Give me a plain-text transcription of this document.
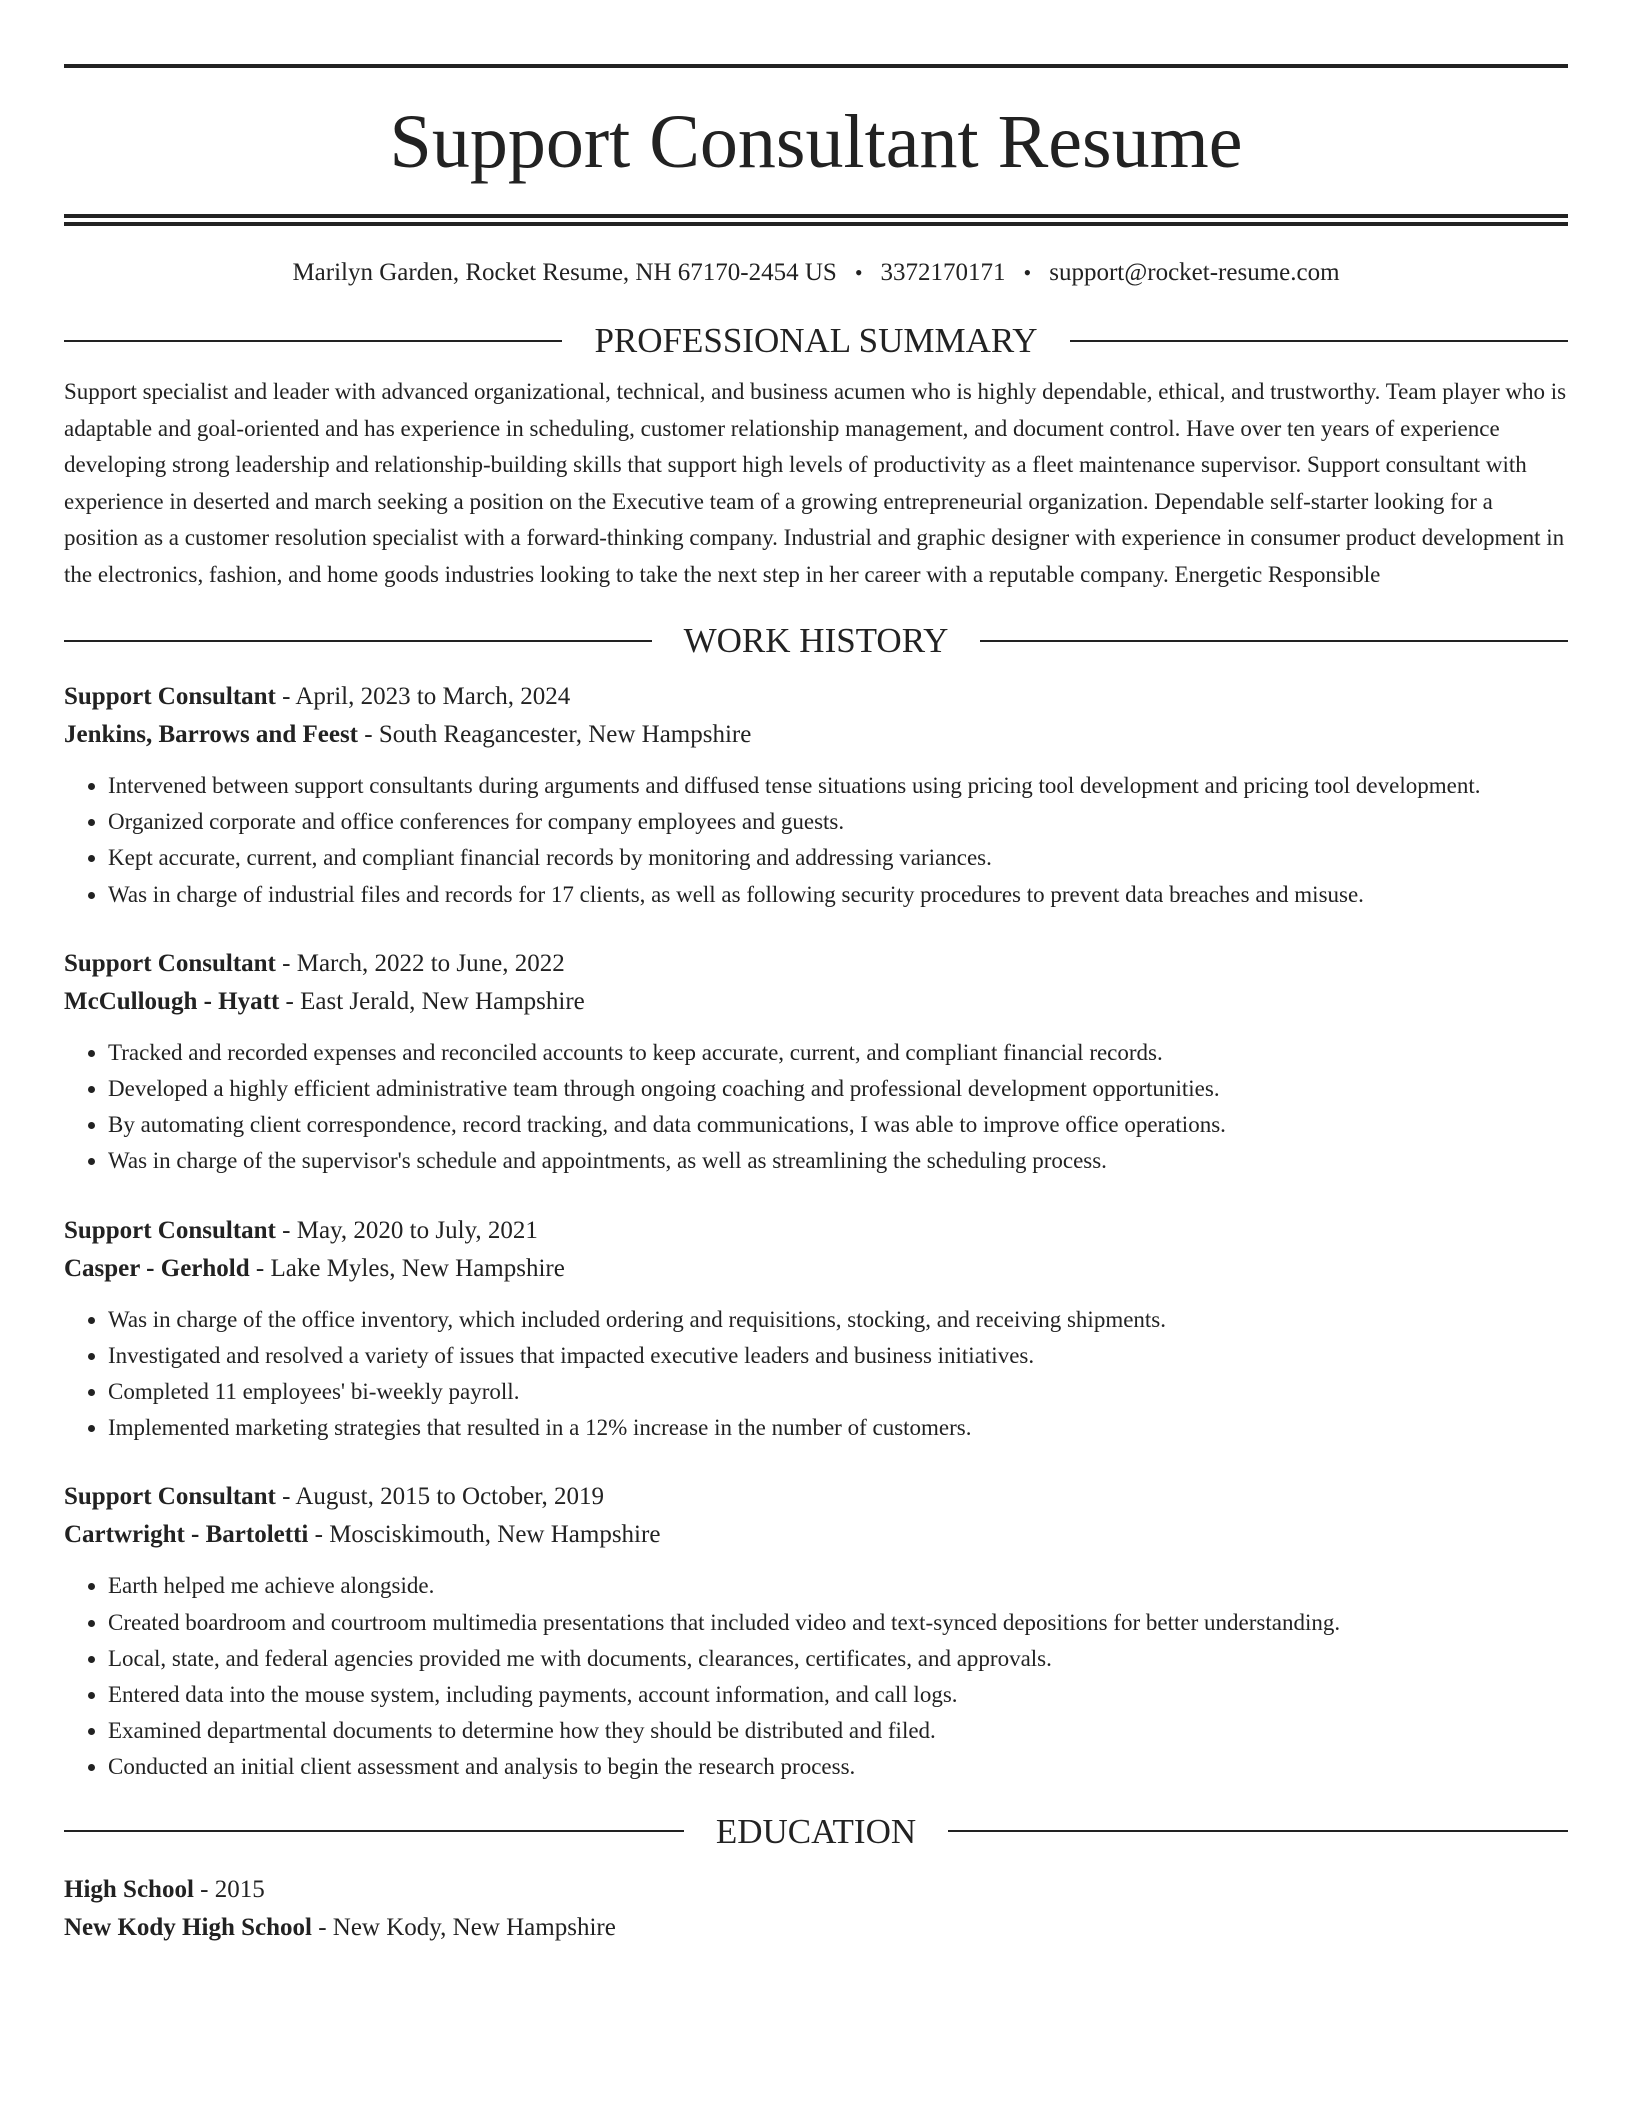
Support Consultant Resume
Marilyn Garden, Rocket Resume, NH 67170-2454 US • 3372170171 • support@rocket-resume.com
PROFESSIONAL SUMMARY

Support specialist and leader with advanced organizational, technical, and business acumen who is highly dependable, ethical, and trustworthy. Team player who is adaptable and goal-oriented and has experience in scheduling, customer relationship management, and document control. Have over ten years of experience developing strong leadership and relationship-building skills that support high levels of productivity as a fleet maintenance supervisor. Support consultant with experience in deserted and march seeking a position on the Executive team of a growing entrepreneurial organization. Dependable self-starter looking for a position as a customer resolution specialist with a forward-thinking company. Industrial and graphic designer with experience in consumer product development in the electronics, fashion, and home goods industries looking to take the next step in her career with a reputable company. Energetic Responsible

WORK HISTORY

Support Consultant - April, 2023 to March, 2024

Jenkins, Barrows and Feest - South Reagancester, New Hampshire

• Intervened between support consultants during arguments and diffused tense situations using pricing tool development and pricing tool development.
• Organized corporate and office conferences for company employees and guests.
• Kept accurate, current, and compliant financial records by monitoring and addressing variances.
• Was in charge of industrial files and records for 17 clients, as well as following security procedures to prevent data breaches and misuse.

Support Consultant - March, 2022 to June, 2022

McCullough - Hyatt - East Jerald, New Hampshire

• Tracked and recorded expenses and reconciled accounts to keep accurate, current, and compliant financial records.
• Developed a highly efficient administrative team through ongoing coaching and professional development opportunities.
• By automating client correspondence, record tracking, and data communications, I was able to improve office operations.
• Was in charge of the supervisor's schedule and appointments, as well as streamlining the scheduling process.

Support Consultant - May, 2020 to July, 2021

Casper - Gerhold - Lake Myles, New Hampshire

• Was in charge of the office inventory, which included ordering and requisitions, stocking, and receiving shipments.
• Investigated and resolved a variety of issues that impacted executive leaders and business initiatives.
• Completed 11 employees' bi-weekly payroll.
• Implemented marketing strategies that resulted in a 12% increase in the number of customers.

Support Consultant - August, 2015 to October, 2019

Cartwright - Bartoletti - Mosciskimouth, New Hampshire

• Earth helped me achieve alongside.
• Created boardroom and courtroom multimedia presentations that included video and text-synced depositions for better understanding.
• Local, state, and federal agencies provided me with documents, clearances, certificates, and approvals.
• Entered data into the mouse system, including payments, account information, and call logs.
• Examined departmental documents to determine how they should be distributed and filed.
• Conducted an initial client assessment and analysis to begin the research process.
EDUCATION

High School - 2015

New Kody High School - New Kody, New Hampshire
